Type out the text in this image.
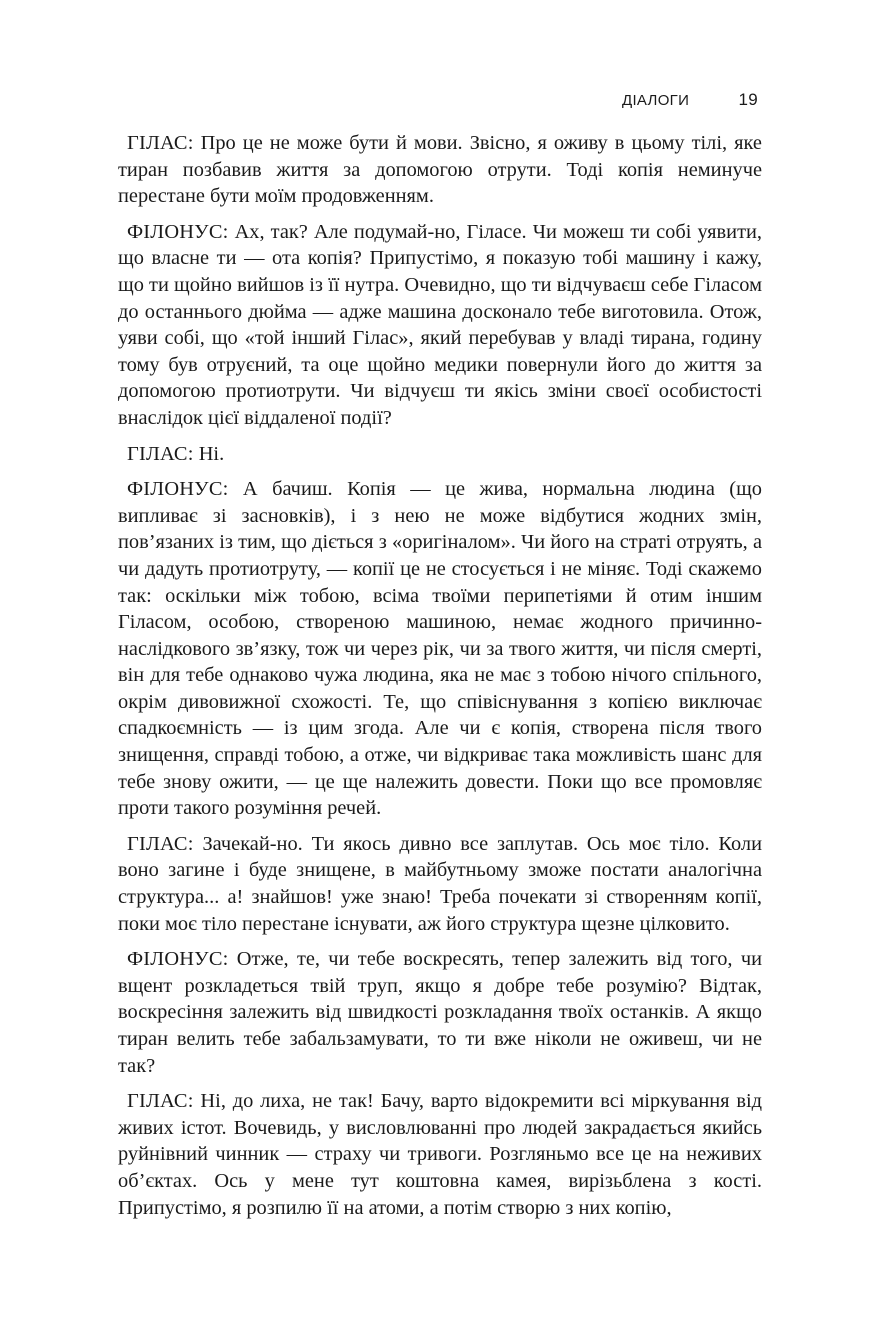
ДІАЛОГИ	19

ГІЛАС: Про це не може бути й мови. Звісно, я оживу в цьому тілі, яке тиран позбавив життя за допомогою отрути. Тоді копія неминуче перестане бути моїм продовженням.

ФІЛОНУС: Ах, так? Але подумай-но, Гіласе. Чи можеш ти собі уявити, що власне ти — ота копія? Припустімо, я показую тобі машину і кажу, що ти щойно вийшов із її нутра. Очевидно, що ти відчуваєш себе Гіласом до останнього дюйма — адже машина досконало тебе виготовила. Отож, уяви собі, що «той інший Гілас», який перебував у владі тирана, годину тому був отруєний, та оце щойно медики повернули його до життя за допомогою протиотрути. Чи відчуєш ти якісь зміни своєї особистості внаслідок цієї віддаленої події?

ГІЛАС: Ні.

ФІЛОНУС: А бачиш. Копія — це жива, нормальна людина (що випливає зі засновків), і з нею не може відбутися жодних змін, пов’язаних із тим, що діється з «оригіналом». Чи його на страті отруять, а чи дадуть протиотруту, — копії це не стосується і не міняє. Тоді скажемо так: оскільки між тобою, всіма твоїми перипетіями й отим іншим Гіласом, особою, створеною машиною, немає жодного причинно-наслідкового зв’язку, тож чи через рік, чи за твого життя, чи після смерті, він для тебе однаково чужа людина, яка не має з тобою нічого спільного, окрім дивовижної схожості. Те, що співіснування з копією виключає спадкоємність — із цим згода. Але чи є копія, створена після твого знищення, справді тобою, а отже, чи відкриває така можливість шанс для тебе знову ожити, — це ще належить довести. Поки що все промовляє проти такого розуміння речей.

ГІЛАС: Зачекай-но. Ти якось дивно все заплутав. Ось моє тіло. Коли воно загине і буде знищене, в майбутньому зможе постати аналогічна структура... а! знайшов! уже знаю! Треба почекати зі створенням копії, поки моє тіло перестане існувати, аж його структура щезне цілковито.

ФІЛОНУС: Отже, те, чи тебе воскресять, тепер залежить від того, чи вщент розкладеться твій труп, якщо я добре тебе розумію? Відтак, воскресіння залежить від швидкості розкладання твоїх останків. А якщо тиран велить тебе забальзамувати, то ти вже ніколи не оживеш, чи не так?

ГІЛАС: Ні, до лиха, не так! Бачу, варто відокремити всі міркування від живих істот. Вочевидь, у висловлюванні про людей закрадається якийсь руйнівний чинник — страху чи тривоги. Розгляньмо все це на неживих об’єктах. Ось у мене тут коштовна камея, вирізьблена з кості. Припустімо, я розпилю її на атоми, а потім створю з них копію,
